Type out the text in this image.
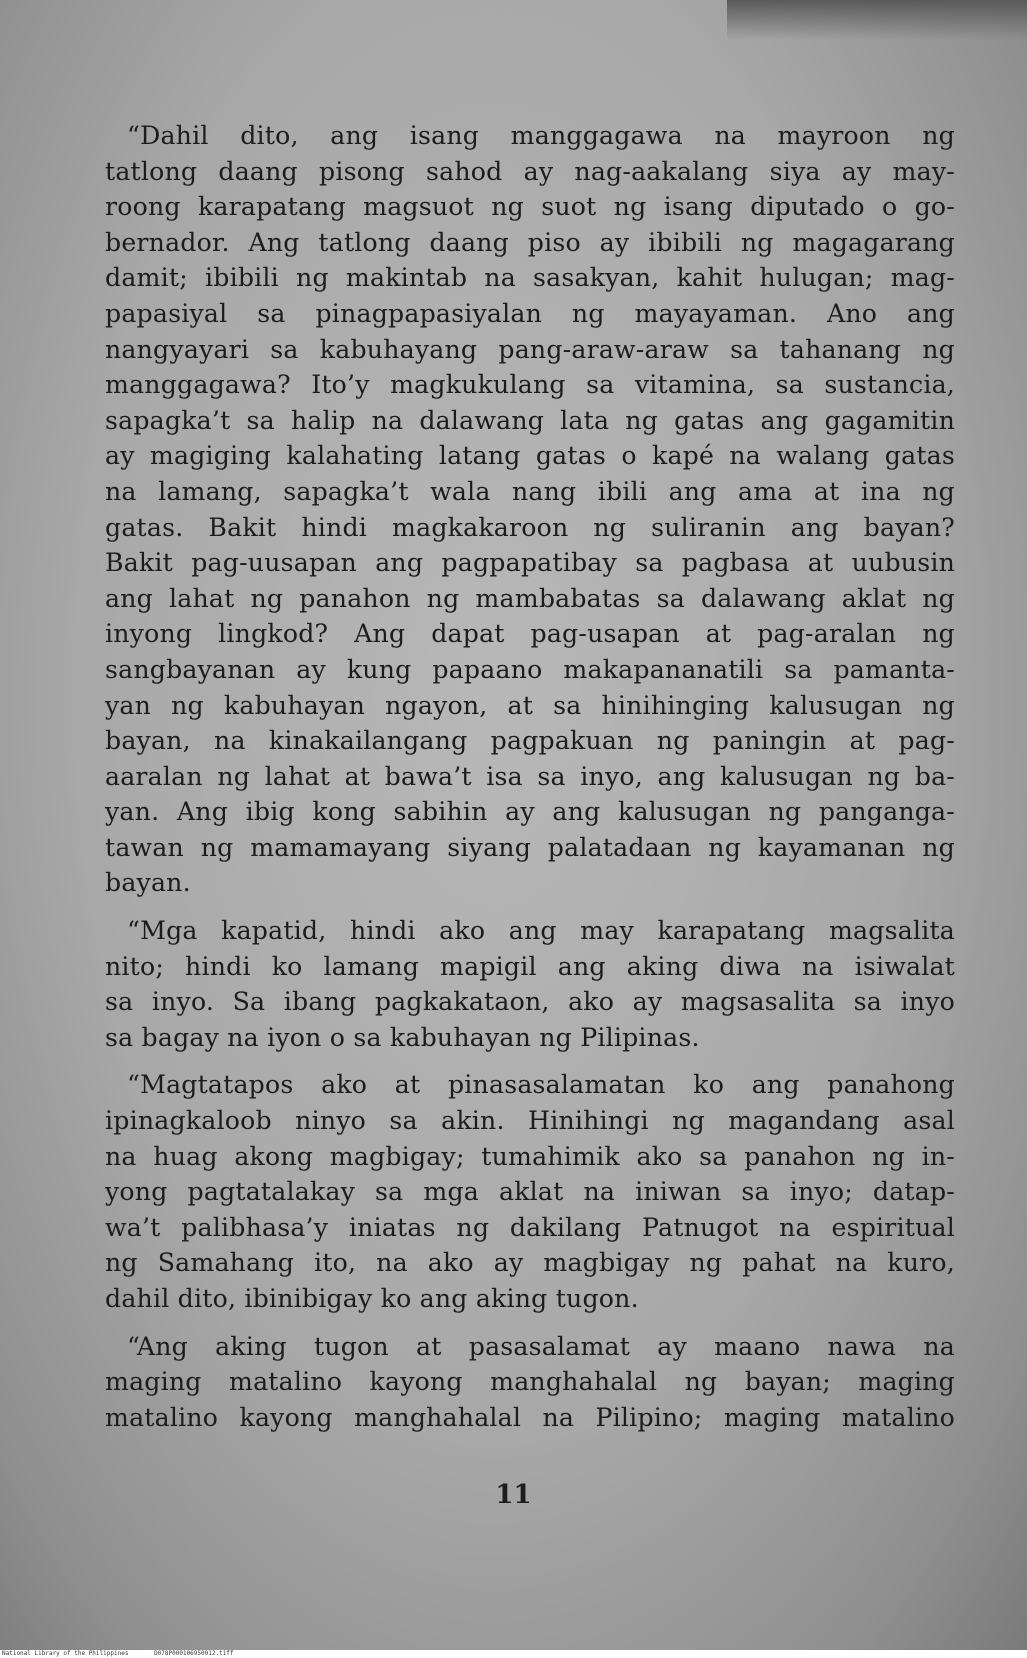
“Dahil dito, ang isang manggagawa na mayroon ng
tatlong daang pisong sahod ay nag-aakalang siya ay may-
roong karapatang magsuot ng suot ng isang diputado o go-
bernador. Ang tatlong daang piso ay ibibili ng magagarang
damit; ibibili ng makintab na sasakyan, kahit hulugan; mag-
papasiyal sa pinagpapasiyalan ng mayayaman. Ano ang
nangyayari sa kabuhayang pang-araw-araw sa tahanang ng
manggagawa? Ito’y magkukulang sa vitamina, sa sustancia,
sapagka’t sa halip na dalawang lata ng gatas ang gagamitin
ay magiging kalahating latang gatas o kapé na walang gatas
na lamang, sapagka’t wala nang ibili ang ama at ina ng
gatas. Bakit hindi magkakaroon ng suliranin ang bayan?
Bakit pag-uusapan ang pagpapatibay sa pagbasa at uubusin
ang lahat ng panahon ng mambabatas sa dalawang aklat ng
inyong lingkod? Ang dapat pag-usapan at pag-aralan ng
sangbayanan ay kung papaano makapananatili sa pamanta-
yan ng kabuhayan ngayon, at sa hinihinging kalusugan ng
bayan, na kinakailangang pagpakuan ng paningin at pag-
aaralan ng lahat at bawa’t isa sa inyo, ang kalusugan ng ba-
yan. Ang ibig kong sabihin ay ang kalusugan ng panganga-
tawan ng mamamayang siyang palatadaan ng kayamanan ng
bayan.
“Mga kapatid, hindi ako ang may karapatang magsalita
nito; hindi ko lamang mapigil ang aking diwa na isiwalat
sa inyo. Sa ibang pagkakataon, ako ay magsasalita sa inyo
sa bagay na iyon o sa kabuhayan ng Pilipinas.
“Magtatapos ako at pinasasalamatan ko ang panahong
ipinagkaloob ninyo sa akin. Hinihingi ng magandang asal
na huag akong magbigay; tumahimik ako sa panahon ng in-
yong pagtatalakay sa mga aklat na iniwan sa inyo; datap-
wa’t palibhasa’y iniatas ng dakilang Patnugot na espiritual
ng Samahang ito, na ako ay magbigay ng pahat na kuro,
dahil dito, ibinibigay ko ang aking tugon.
“Ang aking tugon at pasasalamat ay maano nawa na
maging matalino kayong manghahalal ng bayan; maging
matalino kayong manghahalal na Pilipino; maging matalino
11
National Library of the Philippines	D078P000106950012.tiff
